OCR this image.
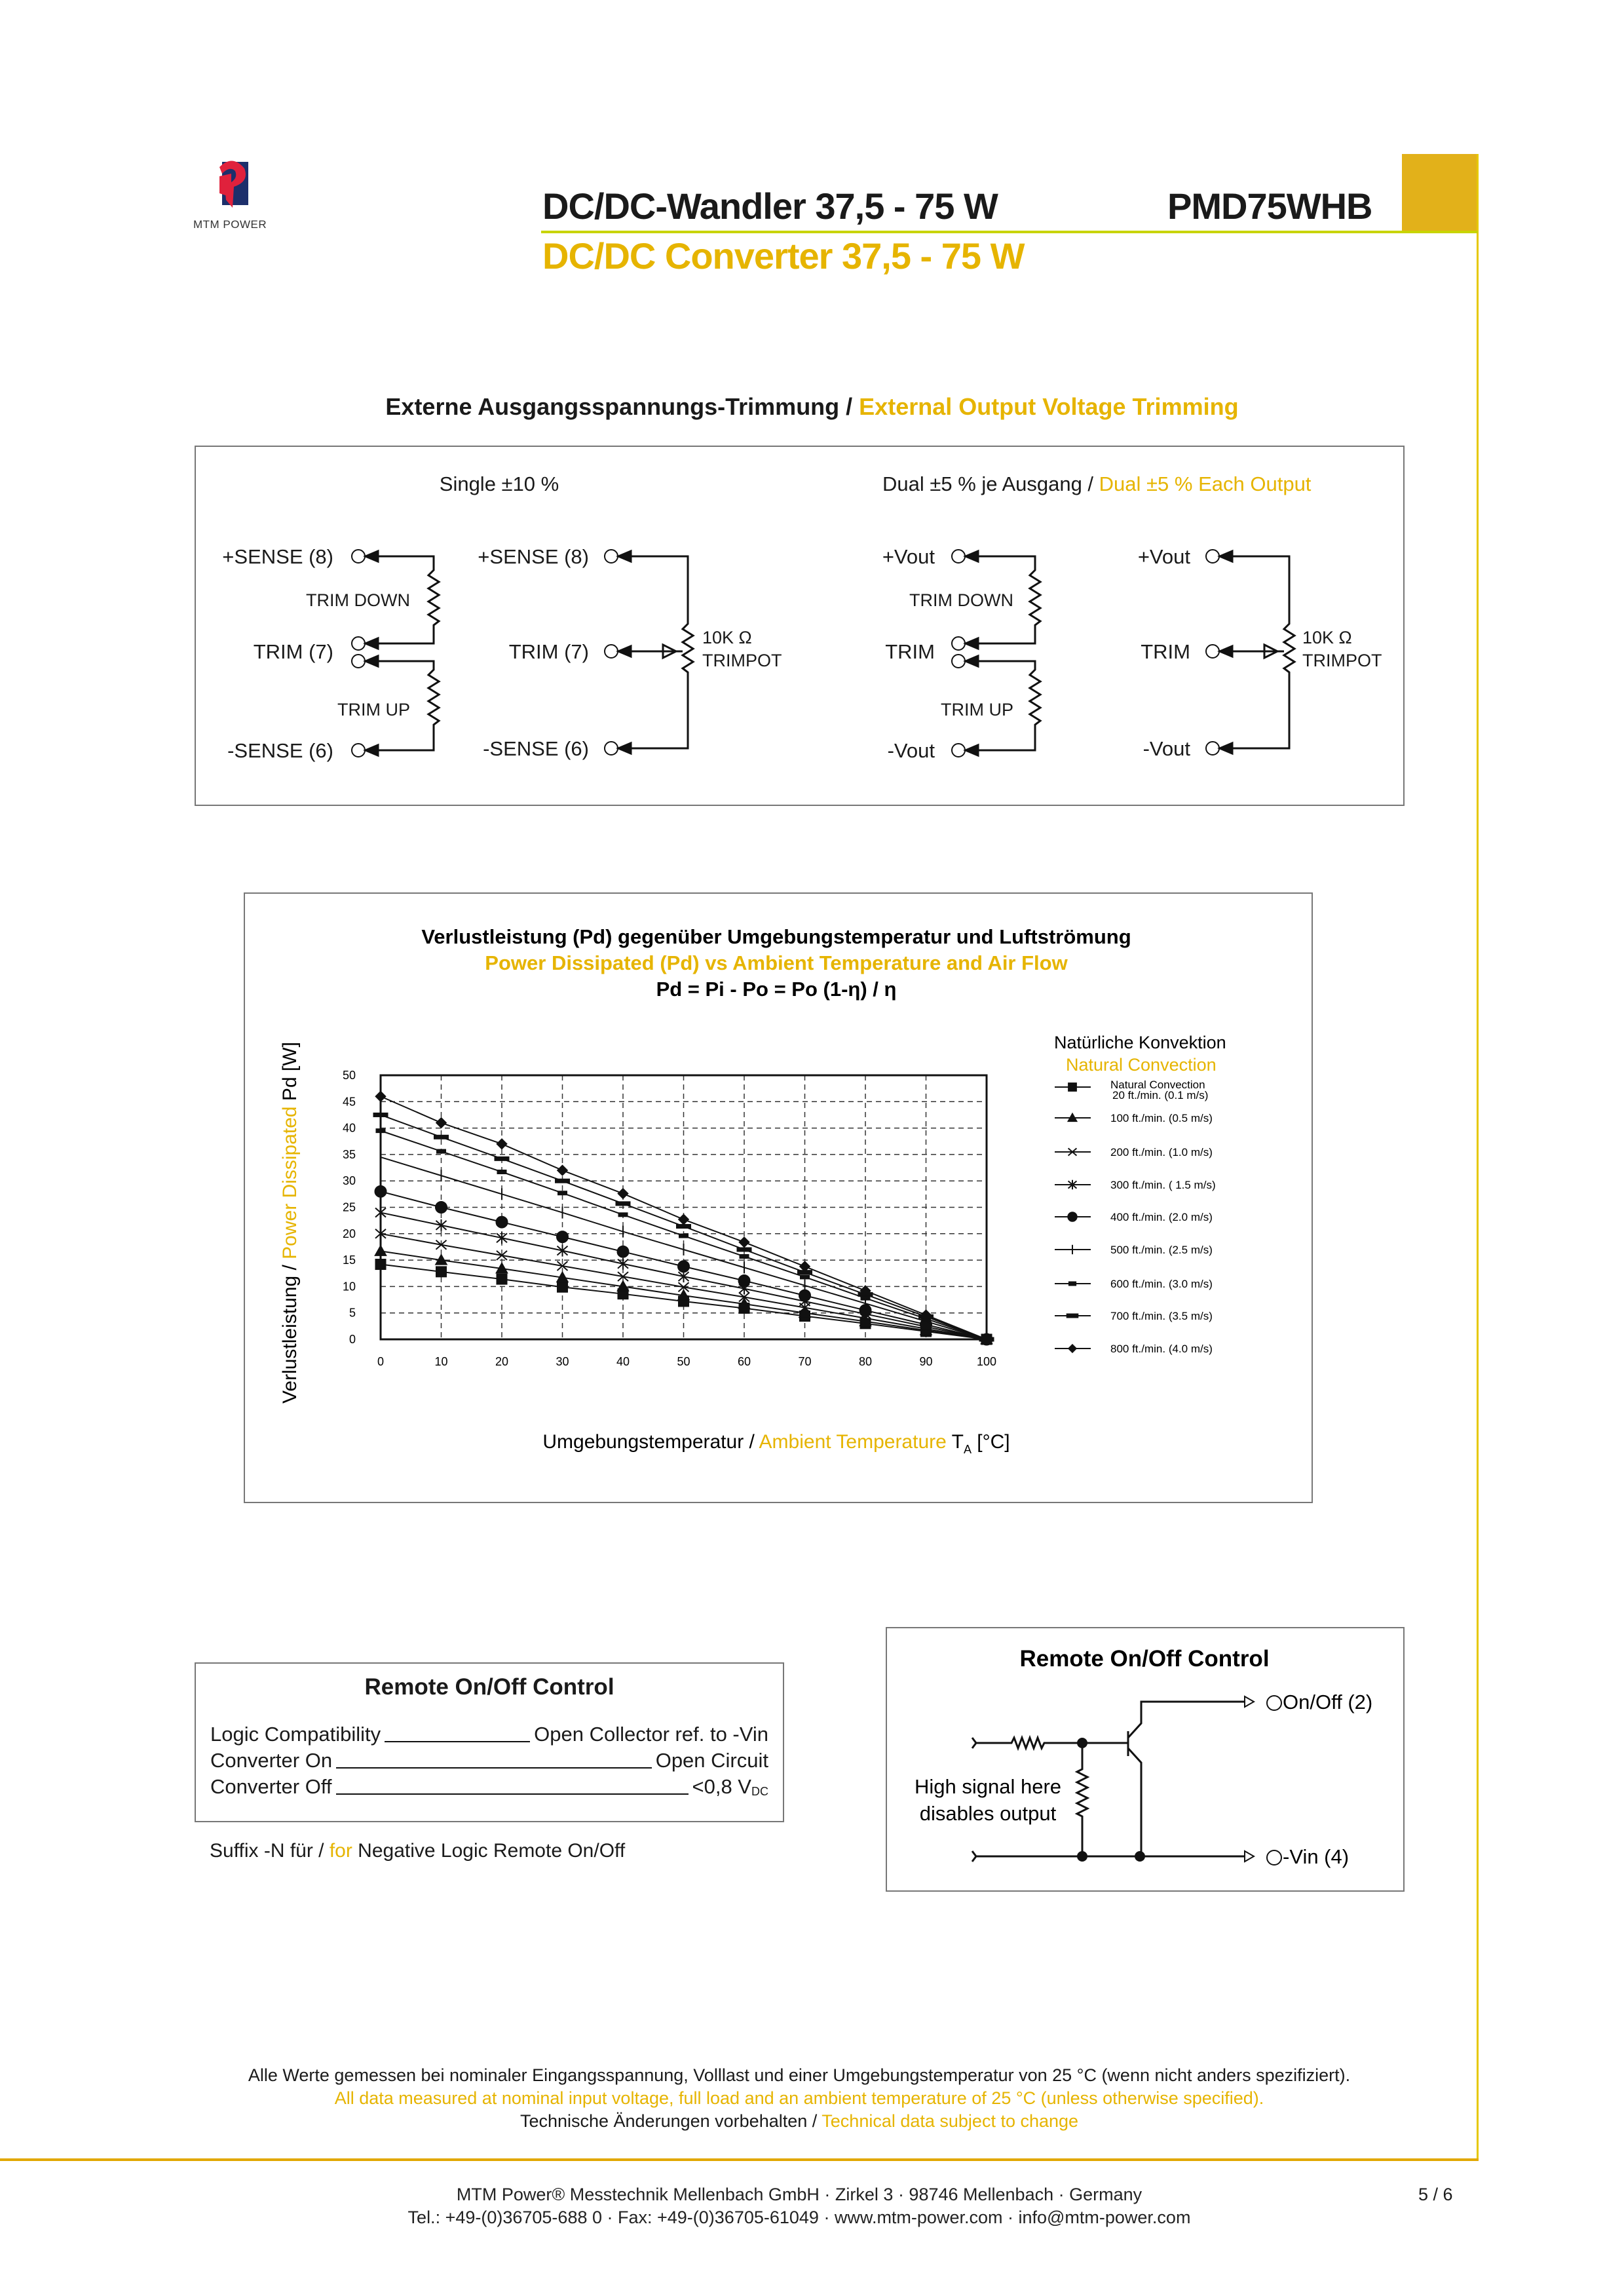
MTM POWER	DC/DC-Wandler 37,5 - 75 W	PMD75WHB
DC/DC Converter 37,5 - 75 W
Externe Ausgangsspannungs-Trimmung / External Output Voltage Trimming
Single ±10 %	Dual ±5 % je Ausgang / Dual ±5 % Each Output
+SENSE (8)
TRIM (7)
-SENSE (6)
TRIM DOWN
TRIM UP
+SENSE (8)
TRIM (7)
-SENSE (6)
10K Ω
TRIMPOT
+Vout
TRIM
-Vout
TRIM DOWN
TRIM UP
+Vout
TRIM
-Vout
10K Ω
TRIMPOT
Verlustleistung (Pd) gegenüber Umgebungstemperatur und Luftströmung
Power Dissipated (Pd) vs Ambient Temperature and Air Flow
Pd = Pi - Po = Po (1-η) / η
Verlustleistung / Power Dissipated Pd [W]
Umgebungstemperatur / Ambient Temperature $T_A$ [°C]
0	10	20	30	40	50	60	70	80	90	100
0
5
10
15
20
25
30
35
40
45
50
Natürliche Konvektion
Natural Convection
Natural Convection
20 ft./min. (0.1 m/s)
100 ft./min. (0.5 m/s)
200 ft./min. (1.0 m/s)
300 ft./min. ( 1.5 m/s)
400 ft./min. (2.0 m/s)
500 ft./min. (2.5 m/s)
600 ft./min. (3.0 m/s)
700 ft./min. (3.5 m/s)
800 ft./min. (4.0 m/s)
Remote On/Off Control
Logic Compatibility	Open Collector ref. to -Vin
Converter On	Open Circuit
Converter Off	<0,8 $V_{DC}$
Suffix -N für / for Negative Logic Remote On/Off
Remote On/Off Control
On/Off (2)
-Vin (4)
High signal here
disables output
Alle Werte gemessen bei nominaler Eingangsspannung, Volllast und einer Umgebungstemperatur von 25 °C (wenn nicht anders spezifiziert).
All data measured at nominal input voltage, full load and an ambient temperature of 25 °C (unless otherwise specified).
Technische Änderungen vorbehalten / Technical data subject to change
MTM Power® Messtechnik Mellenbach GmbH · Zirkel 3 · 98746 Mellenbach · Germany
Tel.: +49-(0)36705-688 0 · Fax: +49-(0)36705-61049 · www.mtm-power.com · info@mtm-power.com
5 / 6
